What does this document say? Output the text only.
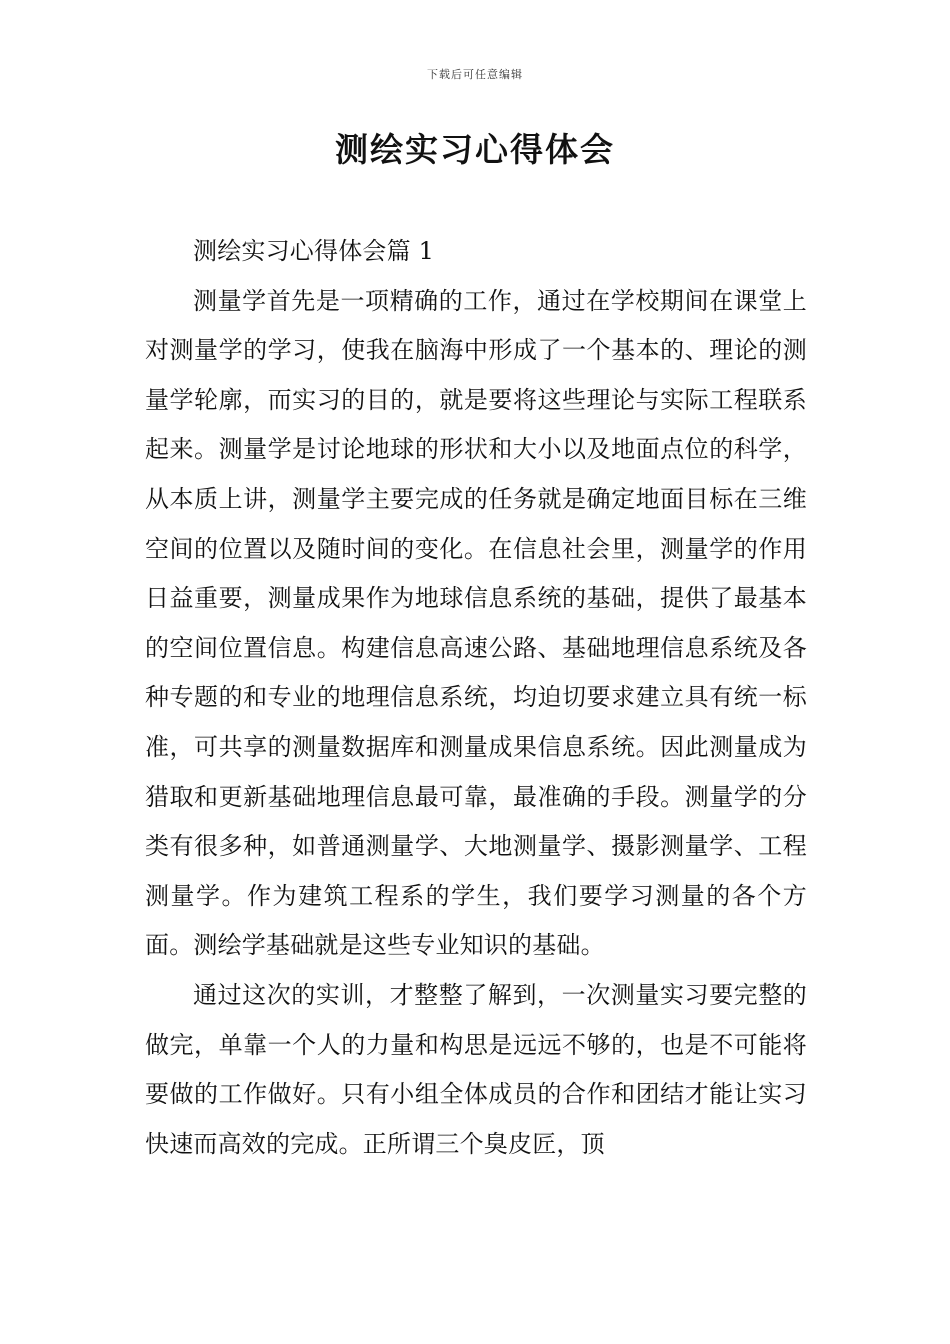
下载后可任意编辑
测绘实习心得体会

测绘实习心得体会篇 1

测量学首先是一项精确的工作，通过在学校期间在课堂上对测量学的学习，使我在脑海中形成了一个基本的、理论的测量学轮廓，而实习的目的，就是要将这些理论与实际工程联系起来。测量学是讨论地球的形状和大小以及地面点位的科学，从本质上讲，测量学主要完成的任务就是确定地面目标在三维空间的位置以及随时间的变化。在信息社会里，测量学的作用日益重要，测量成果作为地球信息系统的基础，提供了最基本的空间位置信息。构建信息高速公路、基础地理信息系统及各种专题的和专业的地理信息系统，均迫切要求建立具有统一标准，可共享的测量数据库和测量成果信息系统。因此测量成为猎取和更新基础地理信息最可靠，最准确的手段。测量学的分类有很多种，如普通测量学、大地测量学、摄影测量学、工程测量学。作为建筑工程系的学生，我们要学习测量的各个方面。测绘学基础就是这些专业知识的基础。

通过这次的实训，才整整了解到，一次测量实习要完整的做完，单靠一个人的力量和构思是远远不够的，也是不可能将要做的工作做好。只有小组全体成员的合作和团结才能让实习快速而高效的完成。正所谓三个臭皮匠，顶
